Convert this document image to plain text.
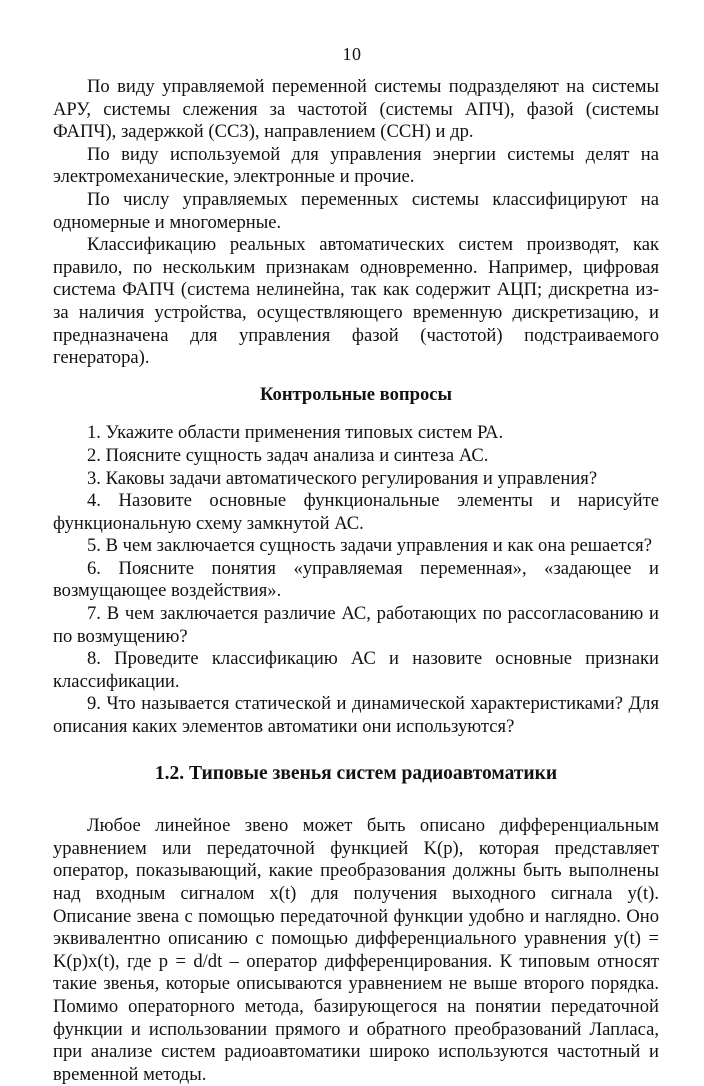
10

По виду управляемой переменной системы подразделяют на системы АРУ, системы слежения за частотой (системы АПЧ), фазой (системы ФАПЧ), задержкой (ССЗ), направлением (ССН) и др.

По виду используемой для управления энергии системы делят на электромеханические, электронные и прочие.

По числу управляемых переменных системы классифицируют на одномерные и многомерные.

Классификацию реальных автоматических систем производят, как правило, по нескольким признакам одновременно. Например, цифровая система ФАПЧ (система нелинейна, так как содержит АЦП; дискретна из-за наличия устройства, осуществляющего временную дискретизацию, и предназначена для управления фазой (частотой) подстраиваемого генератора).

Контрольные вопросы
1. Укажите области применения типовых систем РА.
2. Поясните сущность задач анализа и синтеза АС.
3. Каковы задачи автоматического регулирования и управления?
4. Назовите основные функциональные элементы и нарисуйте функциональную схему замкнутой АС.
5. В чем заключается сущность задачи управления и как она решается?
6. Поясните понятия «управляемая переменная», «задающее и возмущающее воздействия».
7. В чем заключается различие АС, работающих по рассогласованию и по возмущению?
8. Проведите классификацию АС и назовите основные признаки классификации.
9. Что называется статической и динамической характеристиками? Для описания каких элементов автоматики они используются?
1.2. Типовые звенья систем радиоавтоматики

Любое линейное звено может быть описано дифференциальным уравнением или передаточной функцией K(p), которая представляет оператор, показывающий, какие преобразования должны быть выполнены над входным сигналом x(t) для получения выходного сигнала y(t). Описание звена с помощью передаточной функции удобно и наглядно. Оно эквивалентно описанию с помощью дифференциального уравнения y(t) = K(p)x(t), где p = d/dt – оператор дифференцирования. К типовым относят такие звенья, которые описываются уравнением не выше второго порядка. Помимо операторного метода, базирующегося на понятии передаточной функции и использовании прямого и обратного преобразований Лапласа, при анализе систем радиоавтоматики широко используются частотный и временной методы.
